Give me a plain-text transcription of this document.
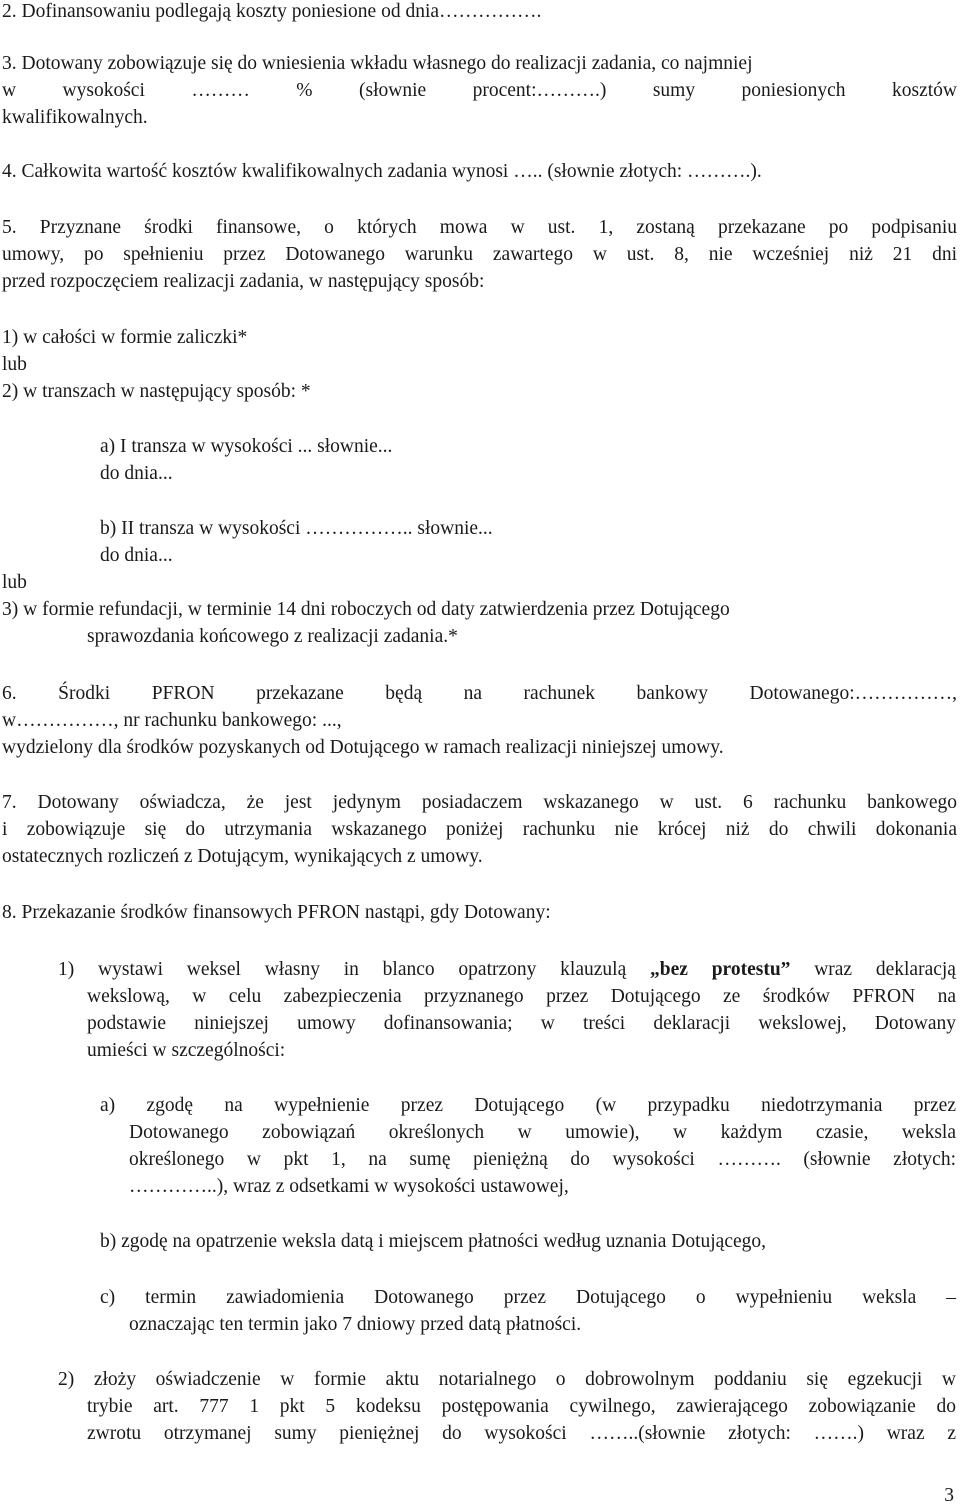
2. Dofinansowaniu podlegają koszty poniesione od dnia…………….

3. Dotowany zobowiązuje się do wniesienia wkładu własnego do realizacji zadania, co najmniej
w wysokości ……… % (słownie procent:……….) sumy poniesionych kosztów
kwalifikowalnych.

4. Całkowita wartość kosztów kwalifikowalnych zadania wynosi ….. (słownie złotych: ……….).

5. Przyznane środki finansowe, o których mowa w ust. 1, zostaną przekazane po podpisaniu
umowy, po spełnieniu przez Dotowanego warunku zawartego w ust. 8, nie wcześniej niż 21 dni
przed rozpoczęciem realizacji zadania, w następujący sposób:

1) w całości w formie zaliczki*

lub

2) w transzach w następujący sposób: *

a) I transza w wysokości ... słownie...
do dnia...

b) II transza w wysokości …………….. słownie...
do dnia...

lub

3) w formie refundacji, w terminie 14 dni roboczych od daty zatwierdzenia przez Dotującego
sprawozdania końcowego z realizacji zadania.*

6. Środki PFRON przekazane będą na rachunek bankowy Dotowanego:……………,
w……………, nr rachunku bankowego: ...,
wydzielony dla środków pozyskanych od Dotującego w ramach realizacji niniejszej umowy.

7. Dotowany oświadcza, że jest jedynym posiadaczem wskazanego w ust. 6 rachunku bankowego
i zobowiązuje się do utrzymania wskazanego poniżej rachunku nie krócej niż do chwili dokonania
ostatecznych rozliczeń z Dotującym, wynikających z umowy.

8. Przekazanie środków finansowych PFRON nastąpi, gdy Dotowany:

1) wystawi weksel własny in blanco opatrzony klauzulą „bez protestu” wraz deklaracją
wekslową, w celu zabezpieczenia przyznanego przez Dotującego ze środków PFRON na
podstawie niniejszej umowy dofinansowania; w treści deklaracji wekslowej, Dotowany
umieści w szczególności:

a) zgodę na wypełnienie przez Dotującego (w przypadku niedotrzymania przez
Dotowanego zobowiązań określonych w umowie), w każdym czasie, weksla
określonego w pkt 1, na sumę pieniężną do wysokości ………. (słownie złotych:
…………..), wraz z odsetkami w wysokości ustawowej,

b) zgodę na opatrzenie weksla datą i miejscem płatności według uznania Dotującego,

c) termin zawiadomienia Dotowanego przez Dotującego o wypełnieniu weksla –
oznaczając ten termin jako 7 dniowy przed datą płatności.

2) złoży oświadczenie w formie aktu notarialnego o dobrowolnym poddaniu się egzekucji w
trybie art. 777 1 pkt 5 kodeksu postępowania cywilnego, zawierającego zobowiązanie do
zwrotu otrzymanej sumy pieniężnej do wysokości ……..(słownie złotych: …….) wraz z

3
